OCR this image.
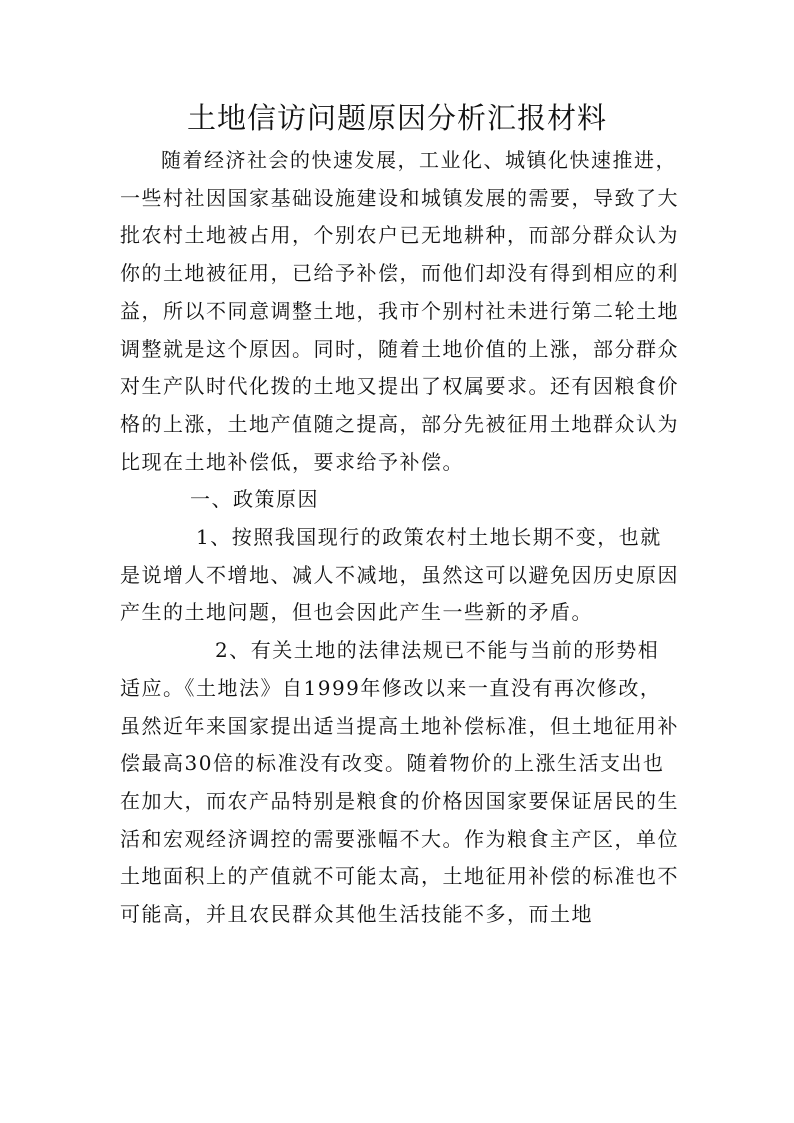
土地信访问题原因分析汇报材料

随着经济社会的快速发展，工业化、城镇化快速推进，一些村社因国家基础设施建设和城镇发展的需要，导致了大批农村土地被占用，个别农户已无地耕种，而部分群众认为你的土地被征用，已给予补偿，而他们却没有得到相应的利益，所以不同意调整土地，我市个别村社未进行第二轮土地调整就是这个原因。同时，随着土地价值的上涨，部分群众对生产队时代化拨的土地又提出了权属要求。还有因粮食价格的上涨，土地产值随之提高，部分先被征用土地群众认为比现在土地补偿低，要求给予补偿。

一、政策原因

1、按照我国现行的政策农村土地长期不变，也就是说增人不增地、减人不减地，虽然这可以避免因历史原因产生的土地问题，但也会因此产生一些新的矛盾。

2、有关土地的法律法规已不能与当前的形势相适应。《土地法》自1999年修改以来一直没有再次修改，虽然近年来国家提出适当提高土地补偿标准，但土地征用补偿最高30倍的标准没有改变。随着物价的上涨生活支出也在加大，而农产品特别是粮食的价格因国家要保证居民的生活和宏观经济调控的需要涨幅不大。作为粮食主产区，单位土地面积上的产值就不可能太高，土地征用补偿的标准也不可能高，并且农民群众其他生活技能不多，而土地
